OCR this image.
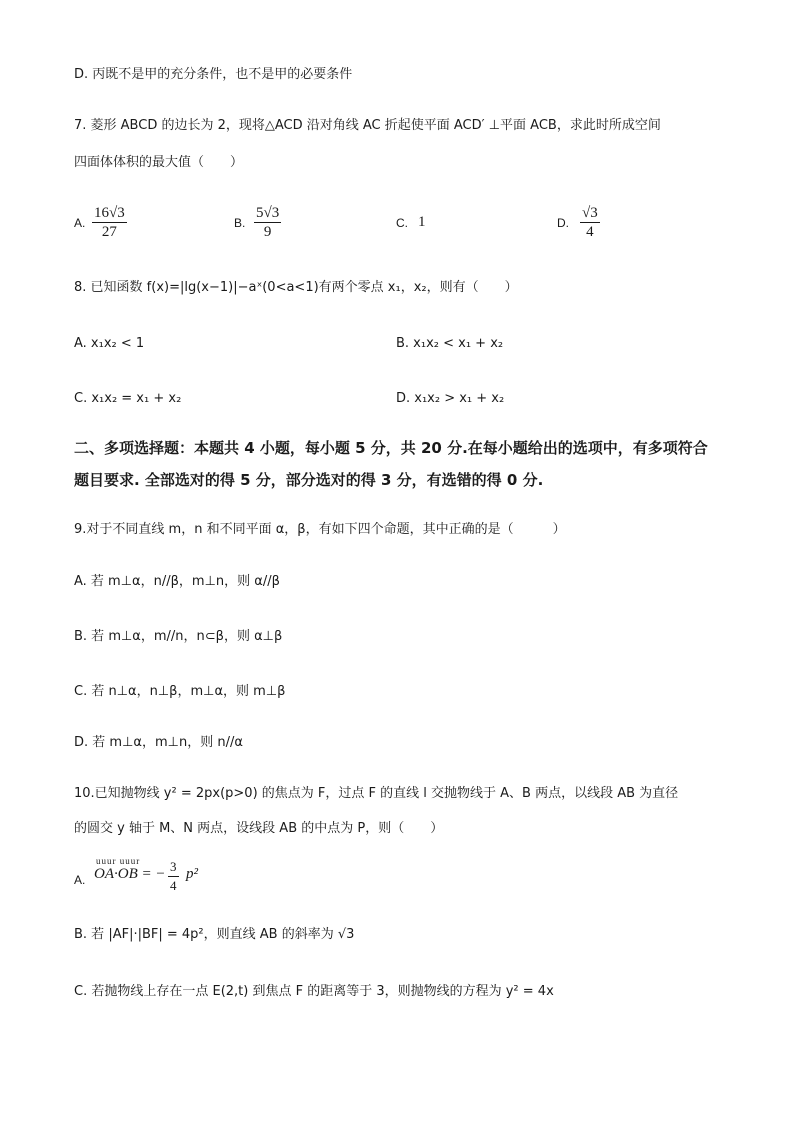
D. 丙既不是甲的充分条件，也不是甲的必要条件
7. 菱形 ABCD 的边长为 2，现将△ACD 沿对角线 AC 折起使平面 ACD′ ⊥平面 ACB，求此时所成空间
四面体体积的最大值（　　）
A. $\frac{16√3}{27}$	B. $\frac{5√3}{9}$	C. 1	D. $\frac{√3}{4}$
8. 已知函数 f(x)=|lg(x−1)|−aˣ(0<a<1)有两个零点 x₁，x₂，则有（　　）
A. x₁x₂ < 1	B. x₁x₂ < x₁ + x₂
C. x₁x₂ = x₁ + x₂	D. x₁x₂ > x₁ + x₂
二、多项选择题：本题共 4 小题，每小题 5 分，共 20 分.在每小题给出的选项中，有多项符合
题目要求. 全部选对的得 5 分，部分选对的得 3 分，有选错的得 0 分.
9.对于不同直线 m，n 和不同平面 α，β，有如下四个命题，其中正确的是（　　　）
A. 若 m⊥α，n//β，m⊥n，则 α//β
B. 若 m⊥α，m//n，n⊂β，则 α⊥β
C. 若 n⊥α，n⊥β，m⊥α，则 m⊥β
D. 若 m⊥α，m⊥n，则 n//α
10.已知抛物线 y² = 2px(p>0) 的焦点为 F，过点 F 的直线 l 交抛物线于 A、B 两点，以线段 AB 为直径
的圆交 y 轴于 M、N 两点，设线段 AB 的中点为 P，则（　　）
A.
uuur uuur
OA·OB = − $\frac{3}{4} p^2$
B. 若 |AF|·|BF| = 4p²，则直线 AB 的斜率为 √3
C. 若抛物线上存在一点 E(2,t) 到焦点 F 的距离等于 3，则抛物线的方程为 y² = 4x
